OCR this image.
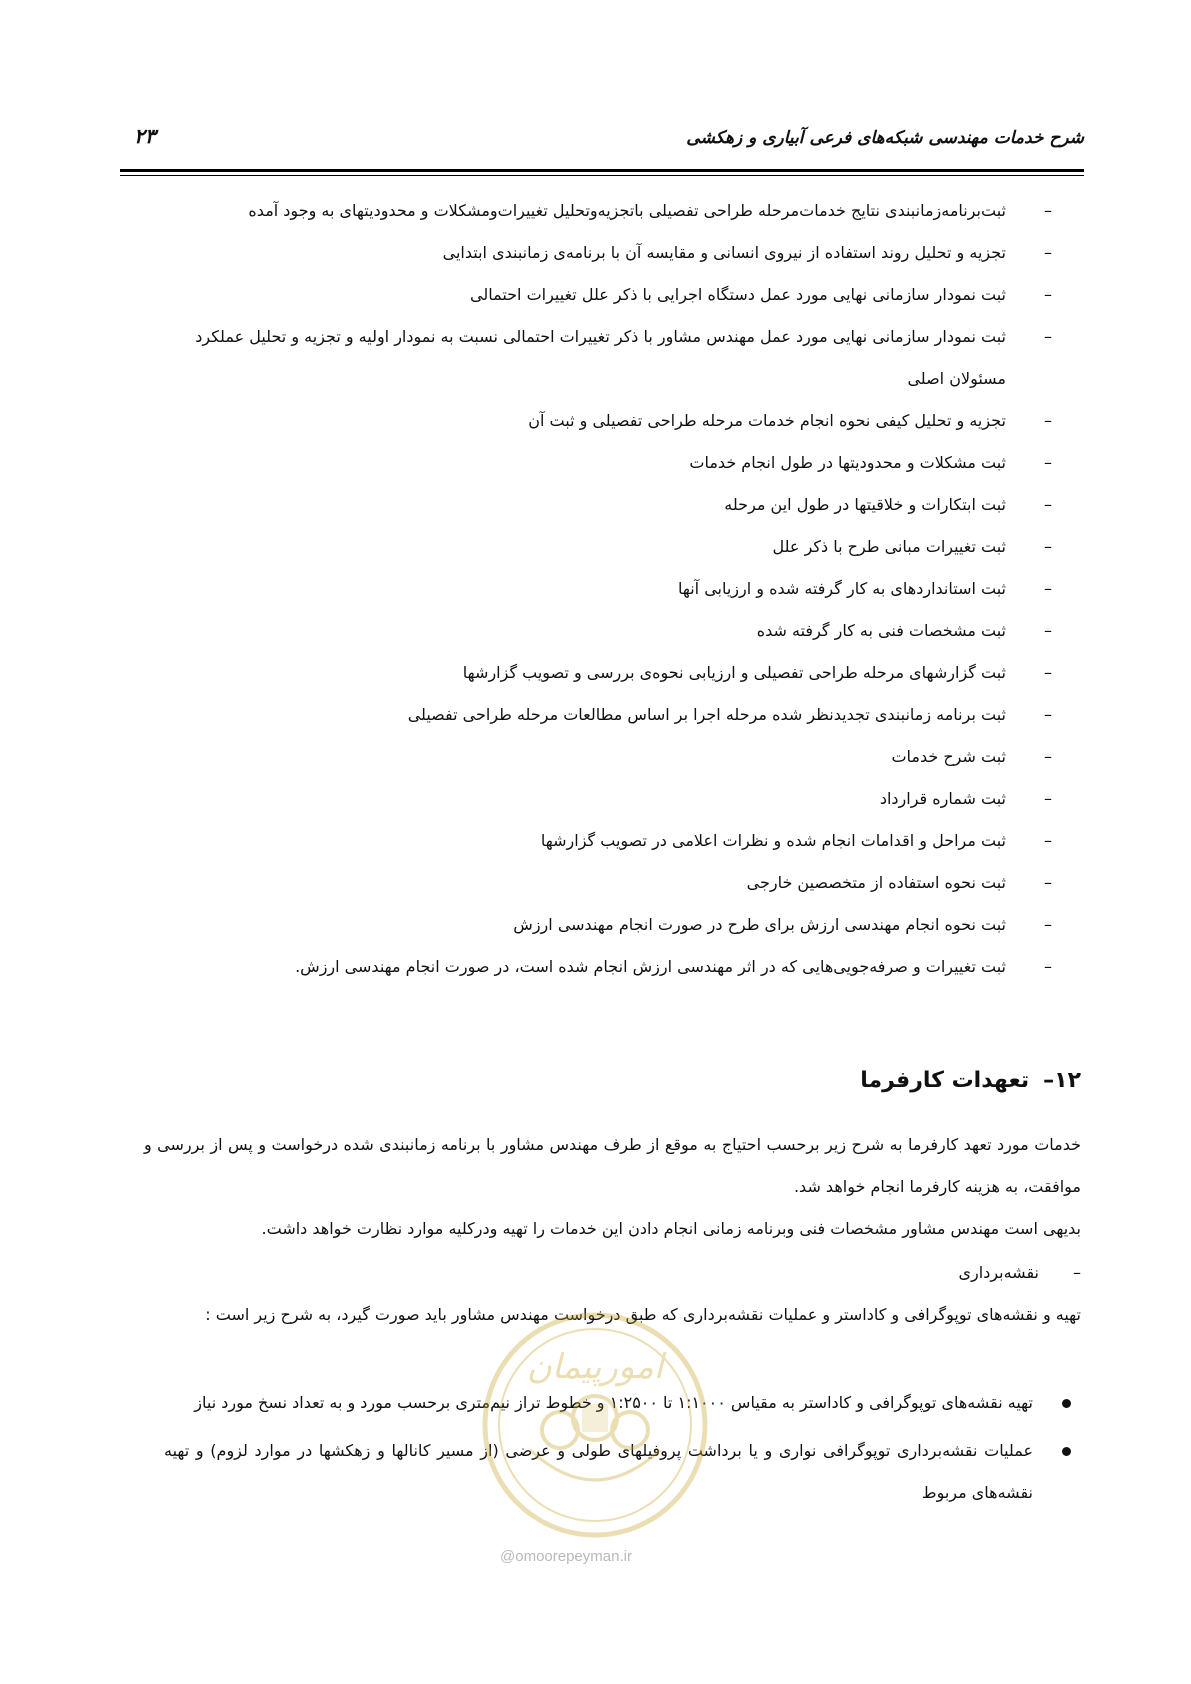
شرح خدمات مهندسی شبکه‌های فرعی آبیاری و زهکشی
۲۳
–
ثبت‌برنامه‌زمانبندی نتایج خدمات‌مرحله طراحی تفصیلی باتجزیه‌وتحلیل تغییرات‌ومشکلات و محدودیتهای به وجود آمده
–
تجزیه و تحلیل روند استفاده از نیروی انسانی و مقایسه آن با برنامه‌ی زمانبندی ابتدایی
–
ثبت نمودار سازمانی نهایی مورد عمل دستگاه اجرایی با ذکر علل تغییرات احتمالی
–
ثبت نمودار سازمانی نهایی مورد عمل مهندس مشاور با ذکر تغییرات احتمالی نسبت به نمودار اولیه و تجزیه و تحلیل عملکرد مسئولان اصلی
–
تجزیه و تحلیل کیفی نحوه انجام خدمات مرحله طراحی تفصیلی و ثبت آن
–
ثبت مشکلات و محدودیتها در طول انجام خدمات
–
ثبت ابتکارات و خلاقیتها در طول این مرحله
–
ثبت تغییرات مبانی طرح با ذکر علل
–
ثبت استانداردهای به کار گرفته شده و ارزیابی آنها
–
ثبت مشخصات فنی به کار گرفته شده
–
ثبت گزارشهای مرحله طراحی تفصیلی و ارزیابی نحوه‌ی بررسی و تصویب گزارشها
–
ثبت برنامه زمانبندی تجدیدنظر شده مرحله اجرا بر اساس مطالعات مرحله طراحی تفصیلی
–
ثبت شرح خدمات
–
ثبت شماره قرارداد
–
ثبت مراحل و اقدامات انجام شده و نظرات اعلامی در تصویب گزارشها
–
ثبت نحوه استفاده از متخصصین خارجی
–
ثبت نحوه انجام مهندسی ارزش برای طرح در صورت انجام مهندسی ارزش
–
ثبت تغییرات و صرفه‌جویی‌هایی که در اثر مهندسی ارزش انجام شده است، در صورت انجام مهندسی ارزش.
۱۲–تعهدات کارفرما
خدمات مورد تعهد کارفرما به شرح زیر برحسب احتیاج به موقع از طرف مهندس مشاور با برنامه زمانبندی شده درخواست و پس از بررسی و موافقت، به هزینه کارفرما انجام خواهد شد.
بدیهی است مهندس مشاور مشخصات فنی وبرنامه زمانی انجام دادن این خدمات را تهیه ودرکلیه موارد نظارت خواهد داشت.
–نقشه‌برداری
تهیه و نقشه‌های توپوگرافی و کاداستر و عملیات نقشه‌برداری که طبق درخواست مهندس مشاور باید صورت گیرد، به شرح زیر است :
تهیه نقشه‌های توپوگرافی و کاداستر به مقیاس ۱:۱۰۰۰ تا ۱:۲۵۰۰ و خطوط تراز نیم‌متری برحسب مورد و به تعداد نسخ مورد نیاز
عملیات نقشه‌برداری توپوگرافی نواری و یا برداشت پروفیلهای طولی و عرضی (از مسیر کانالها و زهکشها در موارد لزوم) و تهیه نقشه‌های مربوط
امورپیمان
@omoorepeyman.ir
